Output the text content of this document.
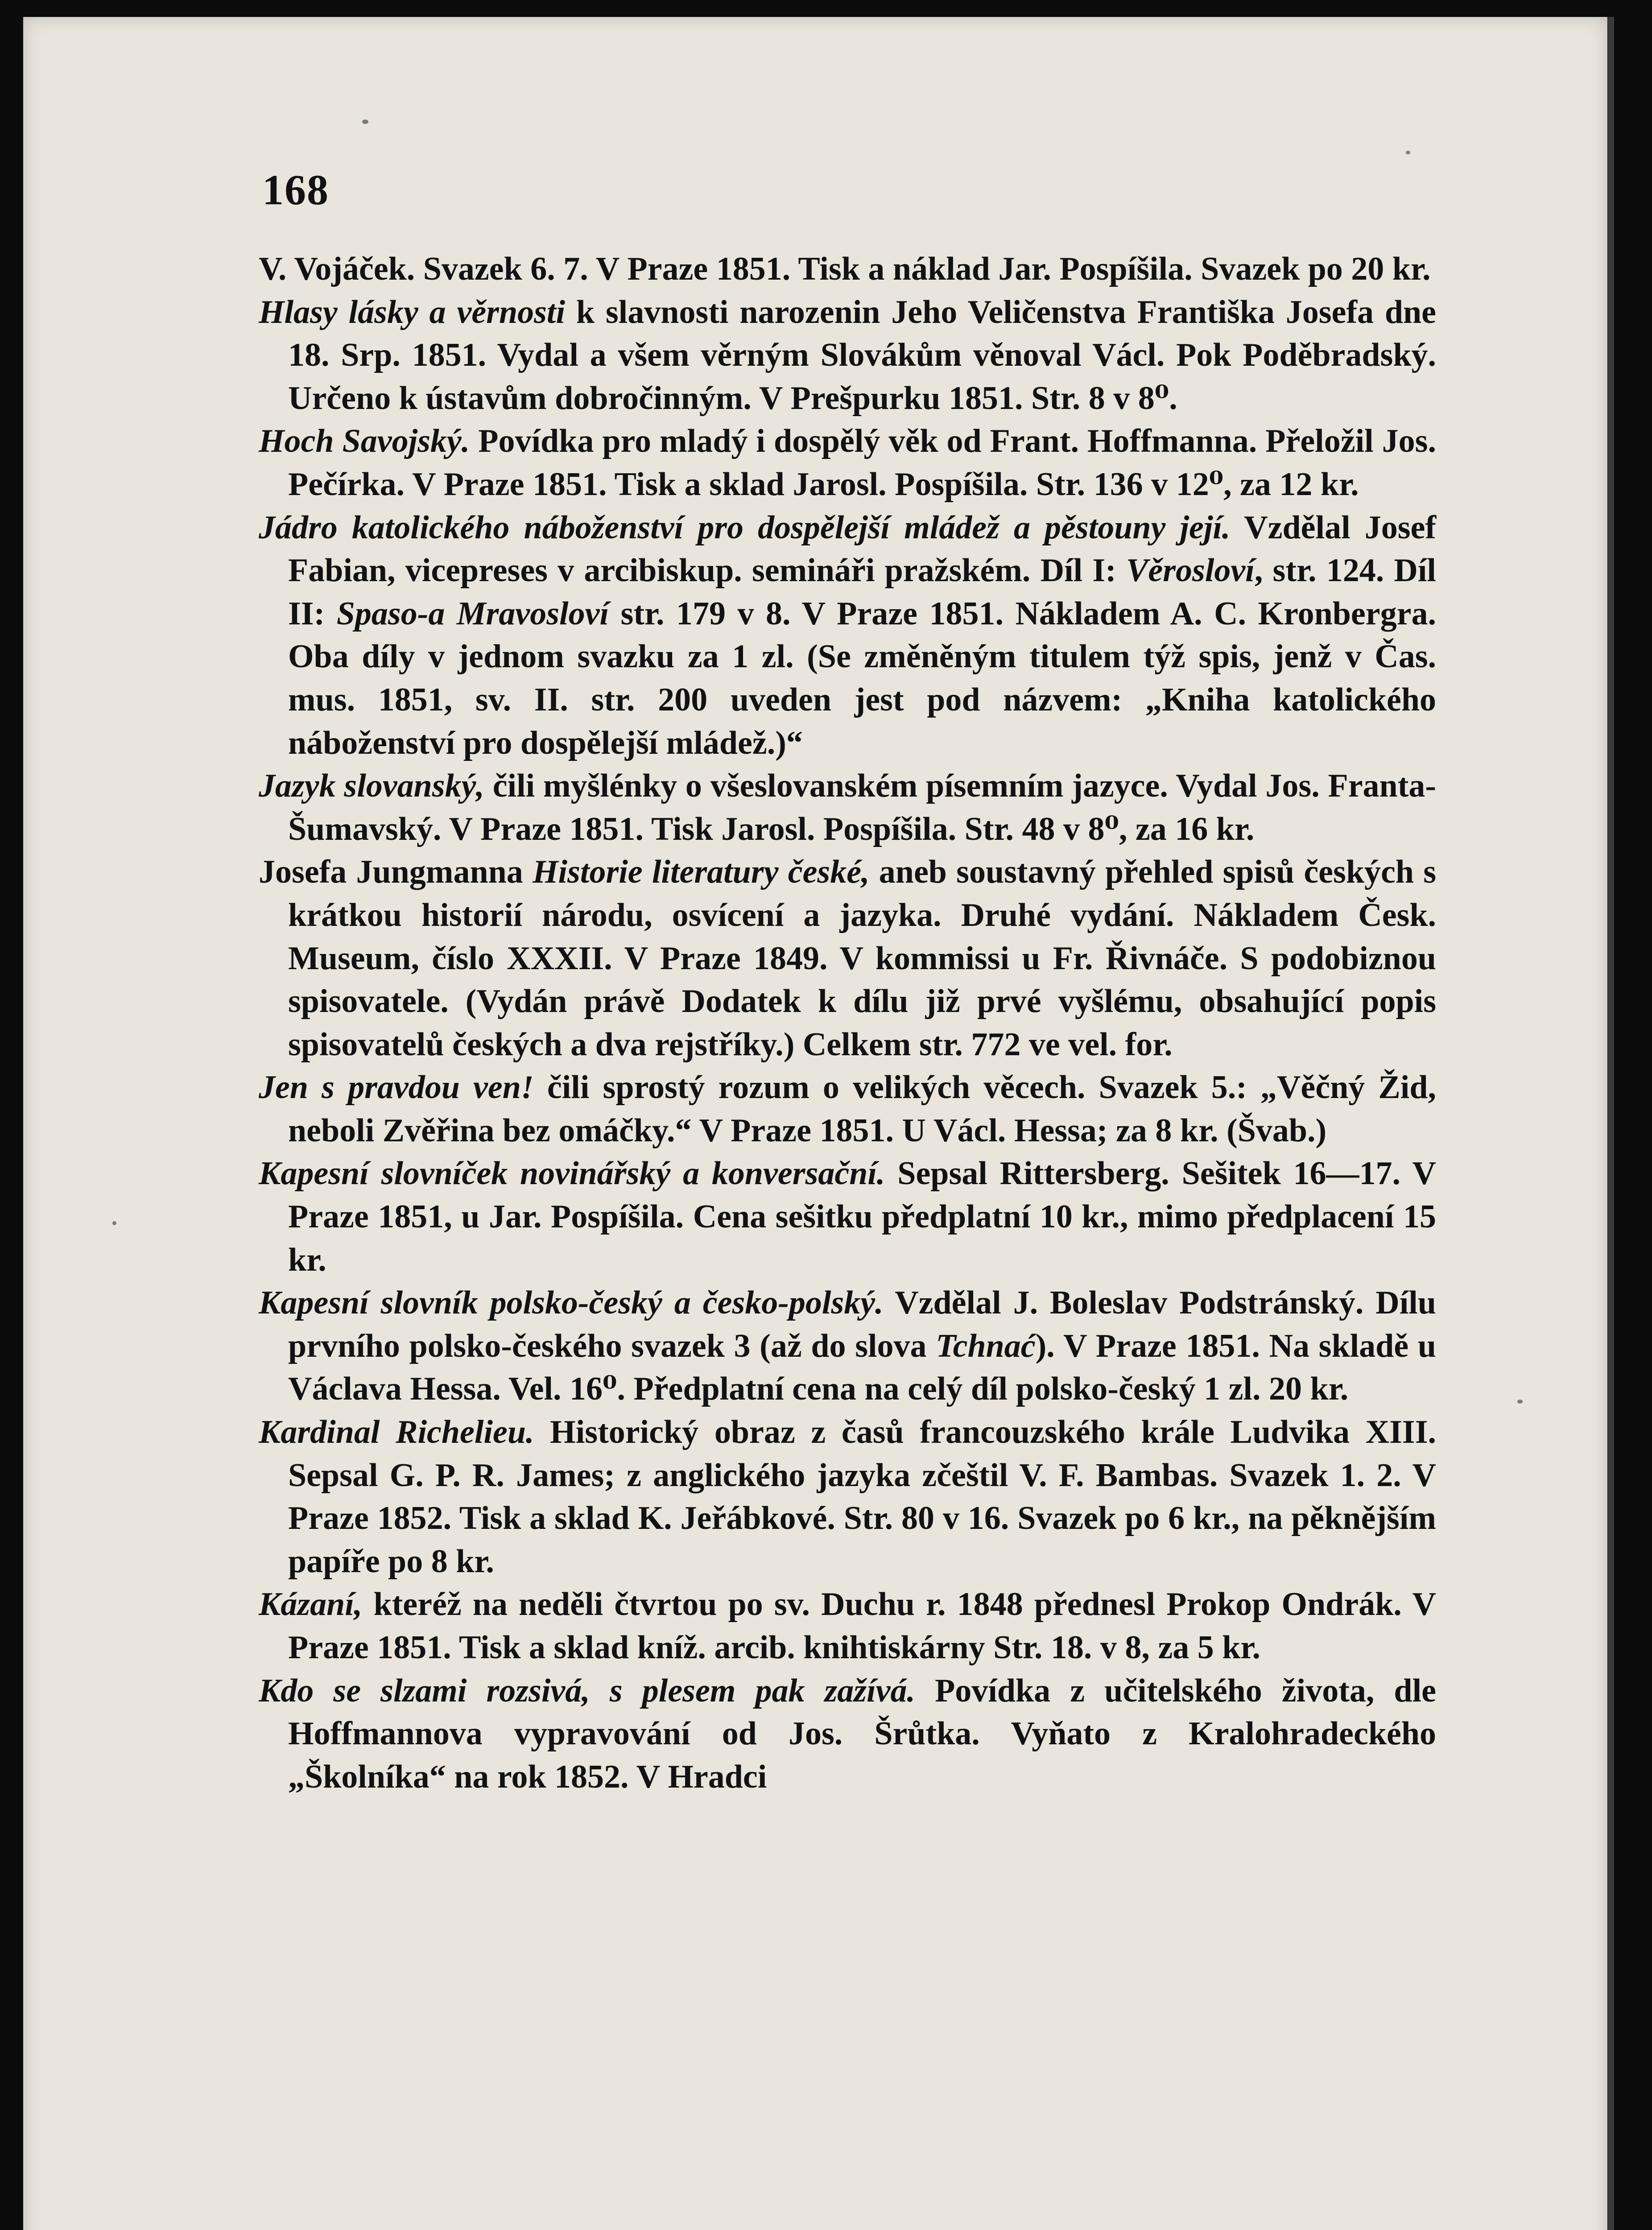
168

V. Vojáček. Svazek 6. 7. V Praze 1851. Tisk a náklad Jar. Pospíšila. Svazek po 20 kr.

Hlasy lásky a věrnosti k slavnosti narozenin Jeho Veličenstva Františka Josefa dne 18. Srp. 1851. Vydal a všem věrným Slovákům věnoval Václ. Pok Poděbradský. Určeno k ústavům dobročinným. V Prešpurku 1851. Str. 8 v 8⁰.

Hoch Savojský. Povídka pro mladý i dospělý věk od Frant. Hoffmanna. Přeložil Jos. Pečírka. V Praze 1851. Tisk a sklad Jarosl. Pospíšila. Str. 136 v 12⁰, za 12 kr.

Jádro katolického náboženství pro dospělejší mládež a pěstouny její. Vzdělal Josef Fabian, vicepreses v arcibiskup. semináři pražském. Díl I: Věrosloví, str. 124. Díl II: Spaso-a Mravosloví str. 179 v 8. V Praze 1851. Nákladem A. C. Kronbergra. Oba díly v jednom svazku za 1 zl. (Se změněným titulem týž spis, jenž v Čas. mus. 1851, sv. II. str. 200 uveden jest pod názvem: „Kniha katolického náboženství pro dospělejší mládež.)“

Jazyk slovanský, čili myšlénky o všeslovanském písemním jazyce. Vydal Jos. Franta-Šumavský. V Praze 1851. Tisk Jarosl. Pospíšila. Str. 48 v 8⁰, za 16 kr.

Josefa Jungmanna Historie literatury české, aneb soustavný přehled spisů českých s krátkou historií národu, osvícení a jazyka. Druhé vydání. Nákladem Česk. Museum, číslo XXXII. V Praze 1849. V kommissi u Fr. Řivnáče. S podobiznou spisovatele. (Vydán právě Dodatek k dílu již prvé vyšlému, obsahující popis spisovatelů českých a dva rejstříky.) Celkem str. 772 ve vel. for.

Jen s pravdou ven! čili sprostý rozum o velikých věcech. Svazek 5.: „Věčný Žid, neboli Zvěřina bez omáčky.“ V Praze 1851. U Václ. Hessa; za 8 kr. (Švab.)

Kapesní slovníček novinářský a konversační. Sepsal Rittersberg. Sešitek 16—17. V Praze 1851, u Jar. Pospíšila. Cena sešitku předplatní 10 kr., mimo předplacení 15 kr.

Kapesní slovník polsko-český a česko-polský. Vzdělal J. Boleslav Podstránský. Dílu prvního polsko-českého svazek 3 (až do slova Tchnać). V Praze 1851. Na skladě u Václava Hessa. Vel. 16⁰. Předplatní cena na celý díl polsko-český 1 zl. 20 kr.

Kardinal Richelieu. Historický obraz z časů francouzského krále Ludvika XIII. Sepsal G. P. R. James; z anglického jazyka zčeštil V. F. Bambas. Svazek 1. 2. V Praze 1852. Tisk a sklad K. Jeřábkové. Str. 80 v 16. Svazek po 6 kr., na pěknějším papíře po 8 kr.

Kázaní, kteréž na neděli čtvrtou po sv. Duchu r. 1848 přednesl Prokop Ondrák. V Praze 1851. Tisk a sklad kníž. arcib. knihtiskárny Str. 18. v 8, za 5 kr.

Kdo se slzami rozsivá, s plesem pak zažívá. Povídka z učitelského života, dle Hoffmannova vypravování od Jos. Šrůtka. Vyňato z Kralohradeckého „Školníka“ na rok 1852. V Hradci
